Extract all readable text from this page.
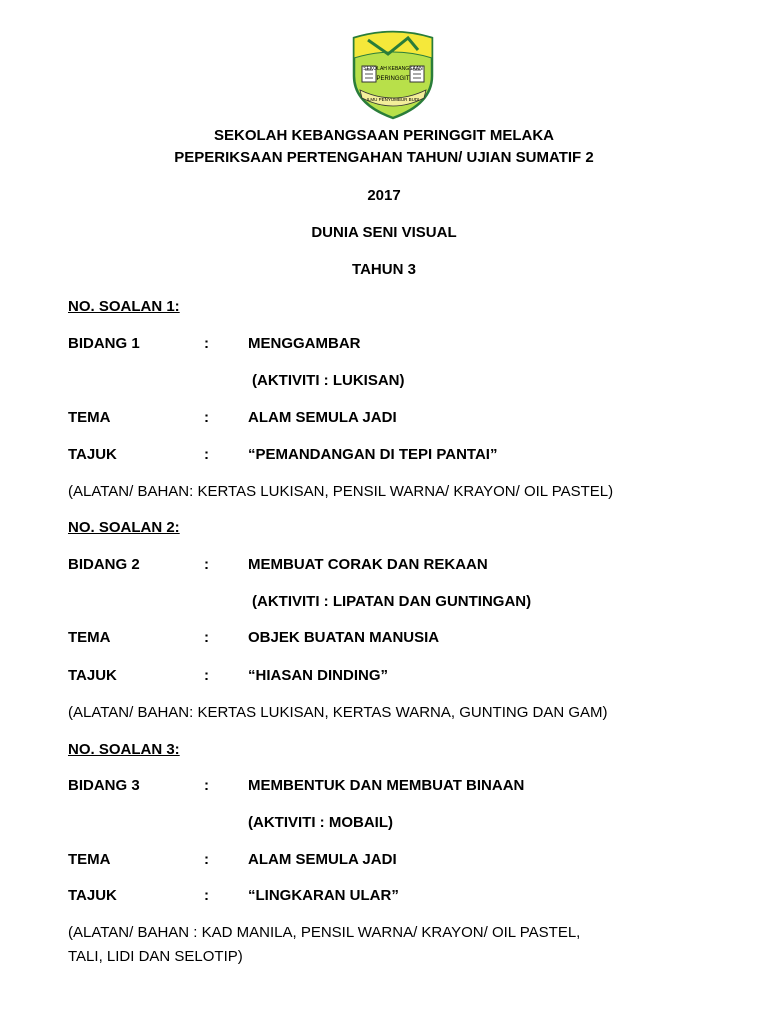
SEKOLAH KEBANGSAAN
PERINGGIT
ILMU PENYUMBUR BUDI
SEKOLAH KEBANGSAAN PERINGGIT MELAKA
PEPERIKSAAN PERTENGAHAN TAHUN/ UJIAN SUMATIF 2
2017
DUNIA SENI VISUAL
TAHUN 3
NO. SOALAN 1:
BIDANG 1	:	MENGGAMBAR
(AKTIVITI : LUKISAN)
TEMA	:	ALAM SEMULA JADI
TAJUK	:	“PEMANDANGAN DI TEPI PANTAI”
(ALATAN/ BAHAN: KERTAS LUKISAN, PENSIL WARNA/ KRAYON/ OIL PASTEL)
NO. SOALAN 2:
BIDANG 2	:	MEMBUAT CORAK DAN REKAAN
(AKTIVITI : LIPATAN DAN GUNTINGAN)
TEMA	:	OBJEK BUATAN MANUSIA
TAJUK	:	“HIASAN DINDING”
(ALATAN/ BAHAN: KERTAS LUKISAN, KERTAS WARNA, GUNTING DAN GAM)
NO. SOALAN 3:
BIDANG 3	:	MEMBENTUK DAN MEMBUAT BINAAN
(AKTIVITI : MOBAIL)
TEMA	:	ALAM SEMULA JADI
TAJUK	:	“LINGKARAN ULAR”
(ALATAN/ BAHAN : KAD MANILA, PENSIL WARNA/ KRAYON/ OIL PASTEL,
TALI, LIDI DAN SELOTIP)
